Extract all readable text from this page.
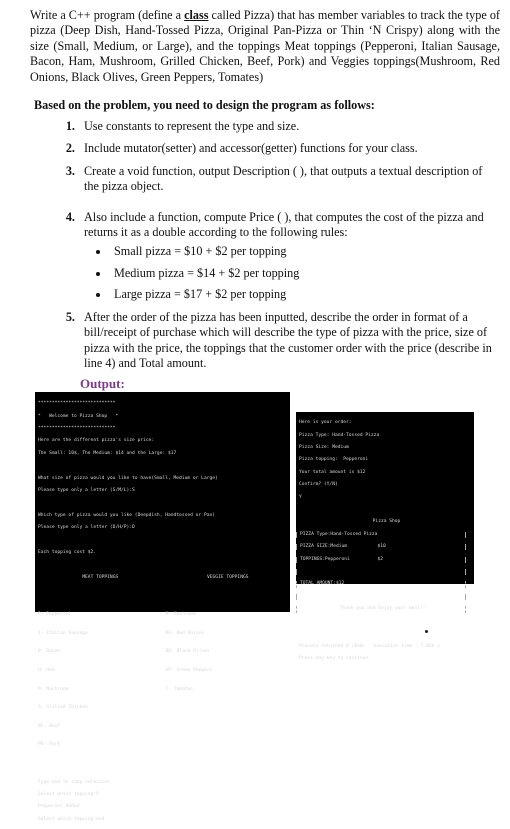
Write a C++ program (define a class called Pizza) that has member variables to track the type of pizza (Deep Dish, Hand-Tossed Pizza, Original Pan-Pizza or Thin ‘N Crispy) along with the size (Small, Medium, or Large), and the toppings Meat toppings (Pepperoni, Italian Sausage, Bacon, Ham, Mushroom, Grilled Chicken, Beef, Pork) and Veggies toppings(Mushroom, Red Onions, Black Olives, Green Peppers, Tomates)

Based on the problem, you need to design the program as follows:

1. Use constants to represent the type and size.
2. Include mutator(setter) and accessor(getter) functions for your class.
3. Create a void function, output Description ( ), that outputs a textual description of the pizza object.
4. Also include a function, compute Price ( ), that computes the cost of the pizza and returns it as a double according to the following rules:
• Small pizza = $10 + $2 per topping
• Medium pizza = $14 + $2 per topping
• Large pizza = $17 + $2 per topping
5. After the order of the pizza has been inputted, describe the order in format of a bill/receipt of purchase which will describe the type of pizza with the price, size of pizza with the price, the toppings that the customer order with the price (describe in line 4) and Total amount.

Output:

****************************

*   Welcome to Pizza Shop   *

****************************

Here are the different pizza's size price:

The Small: 10$, The Medium: $14 and the Large: $17

What size of pizza would you like to have(Small, Medium or Large)

Please type only a letter (S/M/L):S

Which type of pizza would you like (Deepdish, Handtossed or Pan)

Please type only a letter (D/H/P):D

Each topping cost $2.

MEAT TOPPINGS	VEGGIE TOPPINGS

P- Pepperoni

I- Itallan Sausage

B- Bacon

H- Ham

M- Mushroom

G- Grilled Chicken

BF- Beef

PK- Pork

M- Mushroom

RO- Red Onions

BO- Black Olives

GP- Green Peppers

T- Tomates

Type end to stop selection

Select which topping:P

Pepperoni Added

Select which topping:end

Here is your order:

Pizza Type: Hand-Tossed Pizza

Pizza Size: Medium

Pizza topping:  Pepperoni

Your total amount is $12

Confirm? (Y/N)

Y

Pizza Shop

PIZZA Type:Hand-Tossed Pizza

PIZZA SIZE:Medium           $10

TOPPINGS:Pepperoni          $2

TOTAL AMOUNT:$12

Thank you and Enjoy your meal!!

Process returned 0 (0x0)   execution time : 7.826 s

Press any key to continue.
